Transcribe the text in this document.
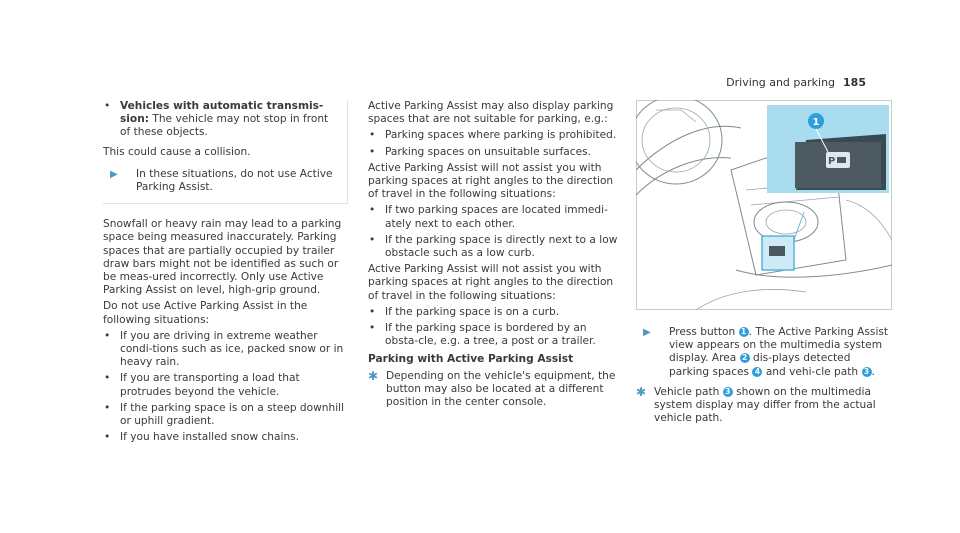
Driving and parking 185
• Vehicles with automatic transmis-sion: The vehicle may not stop in front of these objects.

This could cause a collision.

▶	In these situations, do not use Active Parking Assist.

Snowfall or heavy rain may lead to a parking space being measured inaccurately. Parking spaces that are partially occupied by trailer draw bars might not be identified as such or be meas-ured incorrectly. Only use Active Parking Assist on level, high-grip ground.

Do not use Active Parking Assist in the following situations:

• If you are driving in extreme weather condi-tions such as ice, packed snow or in heavy rain.
• If you are transporting a load that protrudes beyond the vehicle.
• If the parking space is on a steep downhill or uphill gradient.
• If you have installed snow chains.

Active Parking Assist may also display parking spaces that are not suitable for parking, e.g.:

• Parking spaces where parking is prohibited.
• Parking spaces on unsuitable surfaces.

Active Parking Assist will not assist you with parking spaces at right angles to the direction of travel in the following situations:

• If two parking spaces are located immedi-ately next to each other.
• If the parking space is directly next to a low obstacle such as a low curb.

Active Parking Assist will not assist you with parking spaces at right angles to the direction of travel in the following situations:

• If the parking space is on a curb.
• If the parking space is bordered by an obsta-cle, e.g. a tree, a post or a trailer.

Parking with Active Parking Assist

✱ Depending on the vehicle's equipment, the button may also be located at a different position in the center console.
P
1
▶	Press button 1 . The Active Parking Assist view appears on the multimedia system display. Area 2 dis-plays detected parking spaces 4 and vehi-cle path 3 .
✱ Vehicle path 3 shown on the multimedia system display may differ from the actual vehicle path.
